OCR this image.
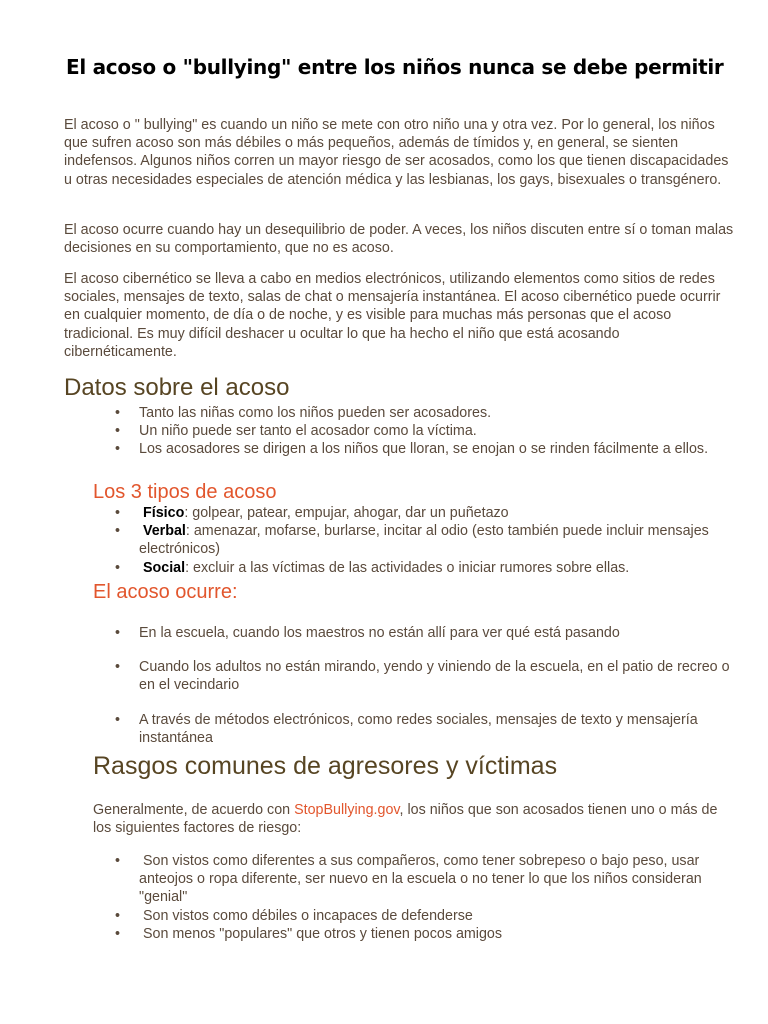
El acoso o "bullying" entre los niños nunca se debe permitir

El acoso o " bullying" es cuando un niño se mete con otro niño una y otra vez. Por lo general, los niños que sufren acoso son más débiles o más pequeños, además de tímidos y, en general, se sienten indefensos. Algunos niños corren un mayor riesgo de ser acosados, como los que tienen discapacidades u otras necesidades especiales de atención médica y las lesbianas, los gays, bisexuales o transgénero.

El acoso ocurre cuando hay un desequilibrio de poder. A veces, los niños discuten entre sí o toman malas decisiones en su comportamiento, que no es acoso.

El acoso cibernético se lleva a cabo en medios electrónicos, utilizando elementos como sitios de redes sociales, mensajes de texto, salas de chat o mensajería instantánea. El acoso cibernético puede ocurrir en cualquier momento, de día o de noche, y es visible para muchas más personas que el acoso tradicional. Es muy difícil deshacer u ocultar lo que ha hecho el niño que está acosando cibernéticamente.

Datos sobre el acoso
• Tanto las niñas como los niños pueden ser acosadores.
• Un niño puede ser tanto el acosador como la víctima.
• Los acosadores se dirigen a los niños que lloran, se enojan o se rinden fácilmente a ellos.
Los 3 tipos de acoso
• Físico: golpear, patear, empujar, ahogar, dar un puñetazo
• Verbal: amenazar, mofarse, burlarse, incitar al odio (esto también puede incluir mensajes electrónicos)
• Social: excluir a las víctimas de las actividades o iniciar rumores sobre ellas.
El acoso ocurre:
• En la escuela, cuando los maestros no están allí para ver qué está pasando
• Cuando los adultos no están mirando, yendo y viniendo de la escuela, en el patio de recreo o en el vecindario
• A través de métodos electrónicos, como redes sociales, mensajes de texto y mensajería instantánea
Rasgos comunes de agresores y víctimas

Generalmente, de acuerdo con StopBullying.gov, los niños que son acosados tienen uno o más de los siguientes factores de riesgo:

• Son vistos como diferentes a sus compañeros, como tener sobrepeso o bajo peso, usar anteojos o ropa diferente, ser nuevo en la escuela o no tener lo que los niños consideran "genial"
• Son vistos como débiles o incapaces de defenderse
• Son menos "populares" que otros y tienen pocos amigos
